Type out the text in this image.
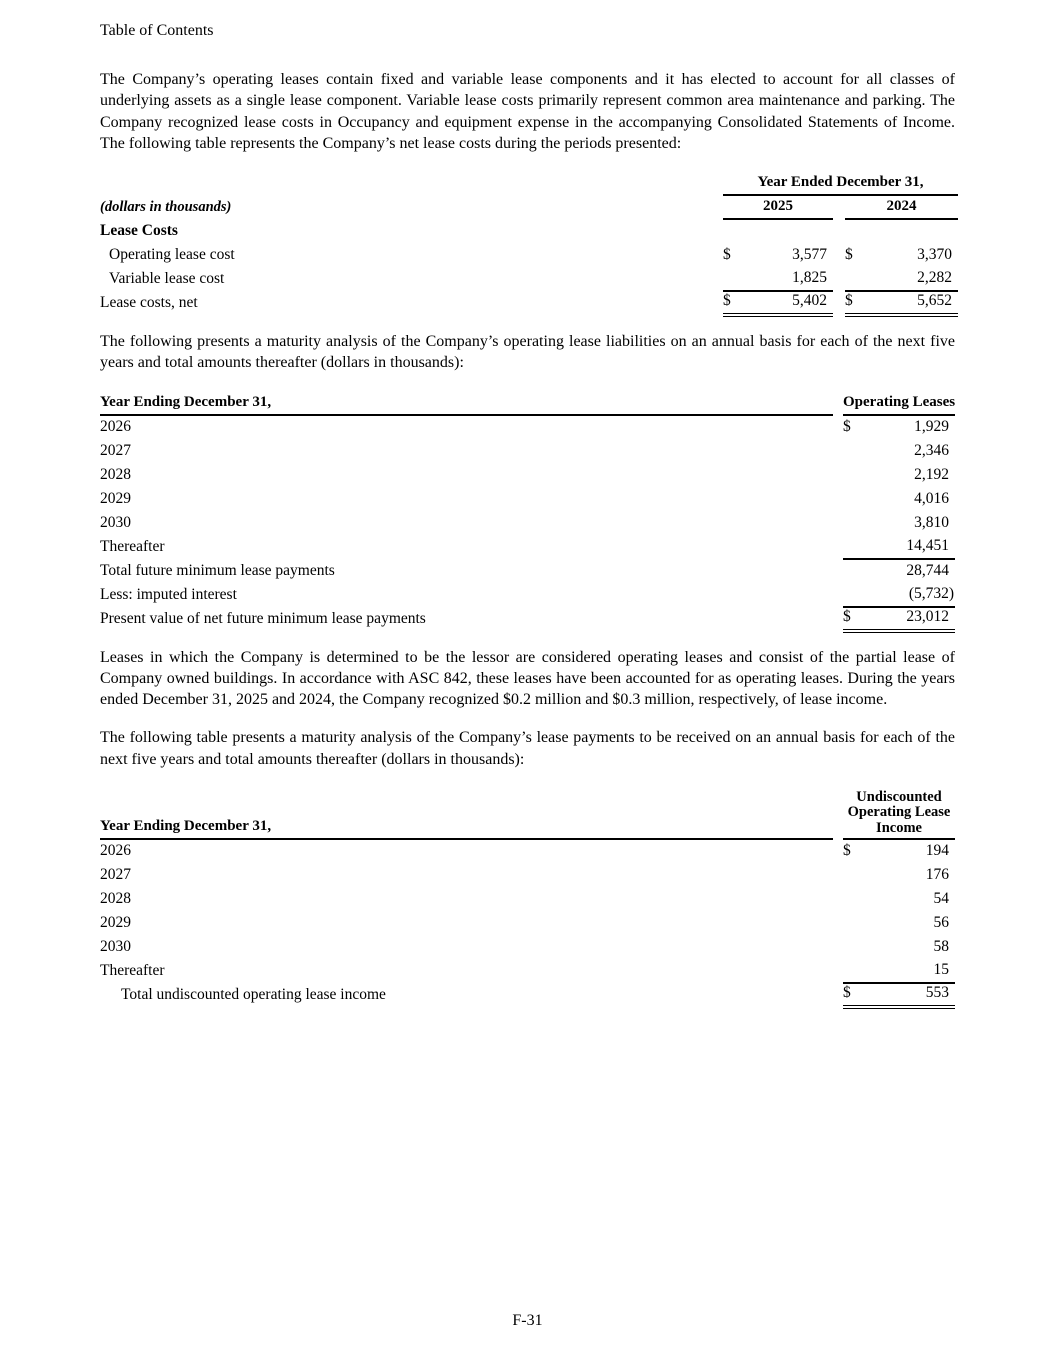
Table of Contents

The Company’s operating leases contain fixed and variable lease components and it has elected to account for all classes of underlying assets as a single lease component. Variable lease costs primarily represent common area maintenance and parking. The Company recognized lease costs in Occupancy and equipment expense in the accompanying Consolidated Statements of Income. The following table represents the Company’s net lease costs during the periods presented:

	Year Ended December 31,				
(dollars in thousands)	2025			2024	
Lease Costs					
Operating lease cost	$	3,577		$	3,370
Variable lease cost		1,825			2,282
Lease costs, net	$	5,402		$	5,652

The following presents a maturity analysis of the Company’s operating lease liabilities on an annual basis for each of the next five years and total amounts thereafter (dollars in thousands):

Year Ending December 31,		Operating Leases	
2026		$	1,929
2027			2,346
2028			2,192
2029			4,016
2030			3,810
Thereafter			14,451
Total future minimum lease payments			28,744
Less: imputed interest			(5,732)
Present value of net future minimum lease payments		$	23,012

Leases in which the Company is determined to be the lessor are considered operating leases and consist of the partial lease of Company owned buildings. In accordance with ASC 842, these leases have been accounted for as operating leases. During the years ended December 31, 2025 and 2024, the Company recognized $0.2 million and $0.3 million, respectively, of lease income.

The following table presents a maturity analysis of the Company’s lease payments to be received on an annual basis for each of the next five years and total amounts thereafter (dollars in thousands):

Year Ending December 31,		Undiscounted
Operating Lease
Income	
2026		$	194
2027			176
2028			54
2029			56
2030			58
Thereafter			15
Total undiscounted operating lease income		$	553
F-31
